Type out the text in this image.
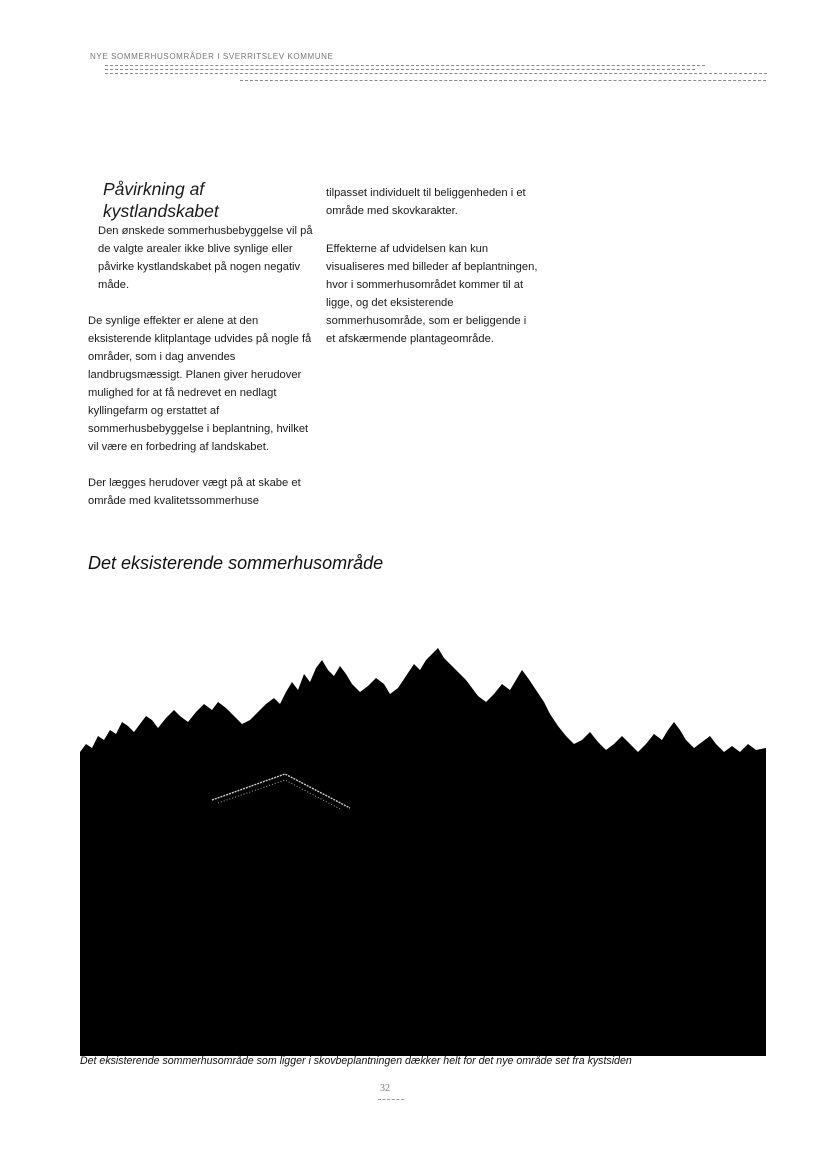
NYE SOMMERHUSOMRÅDER I SVERRITSLEV KOMMUNE
Påvirkning af kystlandskabet

Den ønskede sommerhusbebyggelse vil på de valgte arealer ikke blive synlige eller påvirke kystlandskabet på nogen negativ måde.

De synlige effekter er alene at den eksisterende klitplantage udvides på nogle få områder, som i dag anvendes landbrugsmæssigt. Planen giver herudover mulighed for at få nedrevet en nedlagt kyllingefarm og erstattet af sommerhusbebyggelse i beplantning, hvilket vil være en forbedring af landskabet.

Der lægges herudover vægt på at skabe et område med kvalitetssommerhuse

tilpasset individuelt til beliggenheden i et område med skovkarakter.

Effekterne af udvidelsen kan kun visualiseres med billeder af beplantningen, hvor i sommerhusområdet kommer til at ligge, og det eksisterende sommerhusområde, som er beliggende i et afskærmende plantageområde.

Det eksisterende sommerhusområde
Det eksisterende sommerhusområde som ligger i skovbeplantningen dækker helt for det nye område set fra kystsiden
32
